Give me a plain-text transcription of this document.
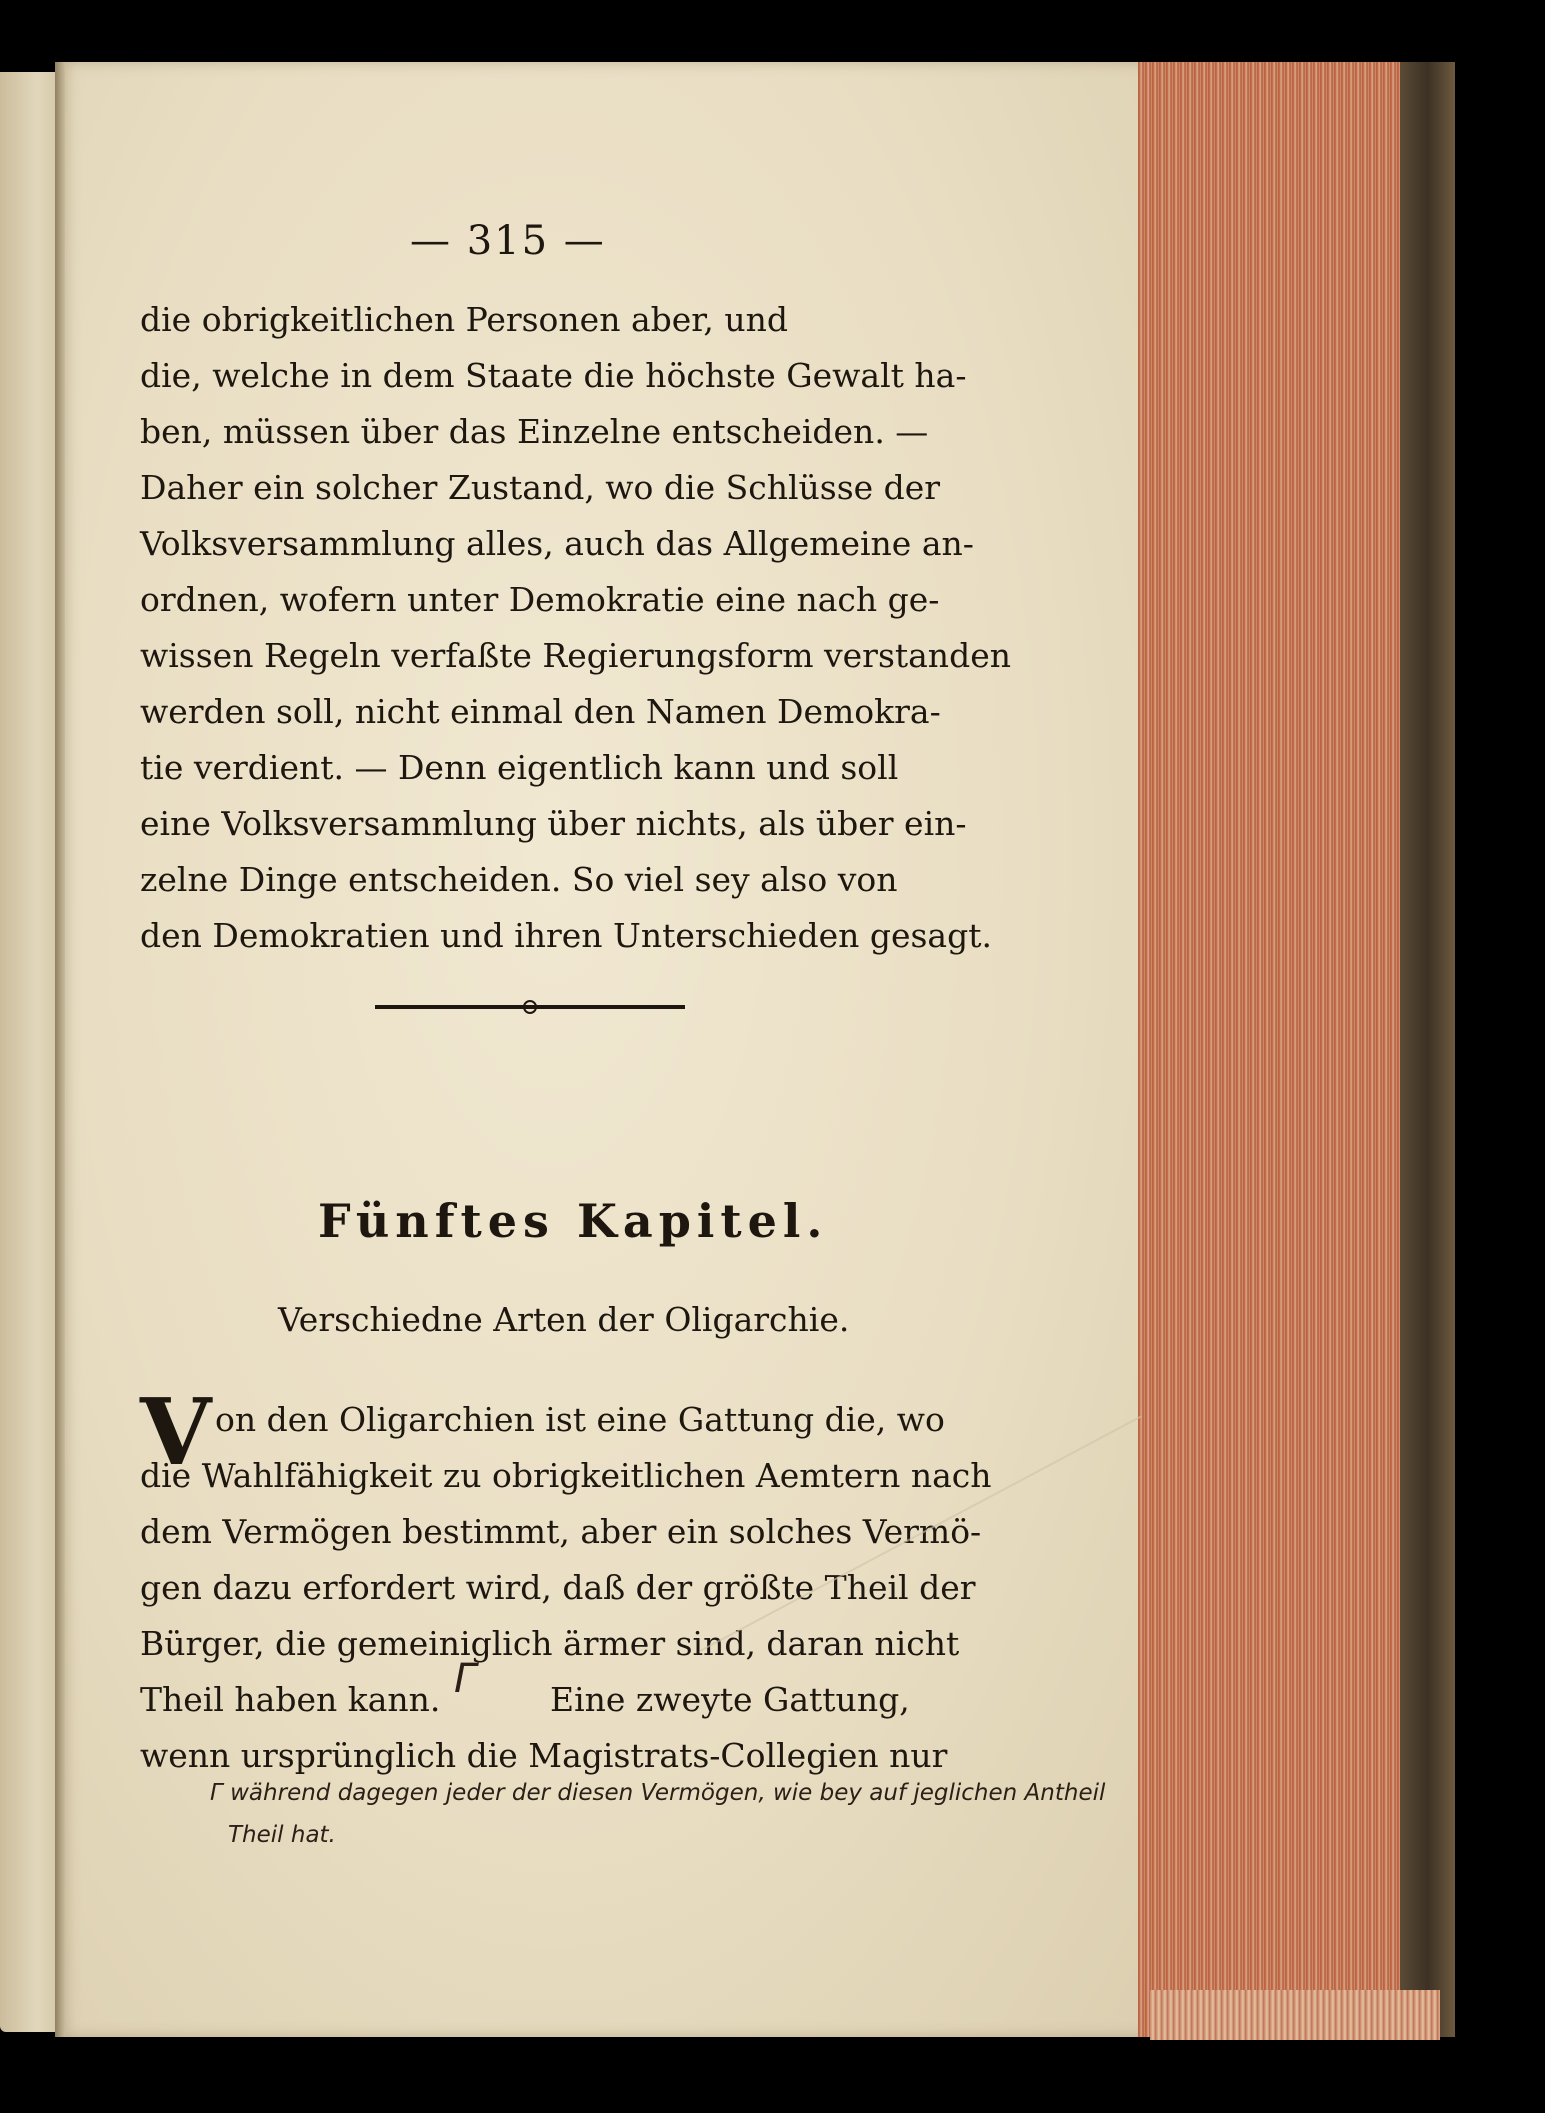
— 315 —
die obrigkeitlichen Personen aber, und
die, welche in dem Staate die höchste Gewalt ha-
ben, müssen über das Einzelne entscheiden. —
Daher ein solcher Zustand, wo die Schlüsse der
Volksversammlung alles, auch das Allgemeine an-
ordnen, wofern unter Demokratie eine nach ge-
wissen Regeln verfaßte Regierungsform verstanden
werden soll, nicht einmal den Namen Demokra-
tie verdient. — Denn eigentlich kann und soll
eine Volksversammlung über nichts, als über ein-
zelne Dinge entscheiden. So viel sey also von
den Demokratien und ihren Unterschieden gesagt.
Fünftes Kapitel.
Verschiedne Arten der Oligarchie.
V on den Oligarchien ist eine Gattung die, wo
die Wahlfähigkeit zu obrigkeitlichen Aemtern nach
dem Vermögen bestimmt, aber ein solches Vermö-
gen dazu erfordert wird, daß der größte Theil der
Bürger, die gemeiniglich ärmer sind, daran nicht
Theil haben kann.	Eine zweyte Gattung,
wenn ursprünglich die Magistrats-Collegien nur
Γ
Γ während dagegen jeder der diesen Vermögen, wie bey auf jeglichen Antheil
Theil hat.
